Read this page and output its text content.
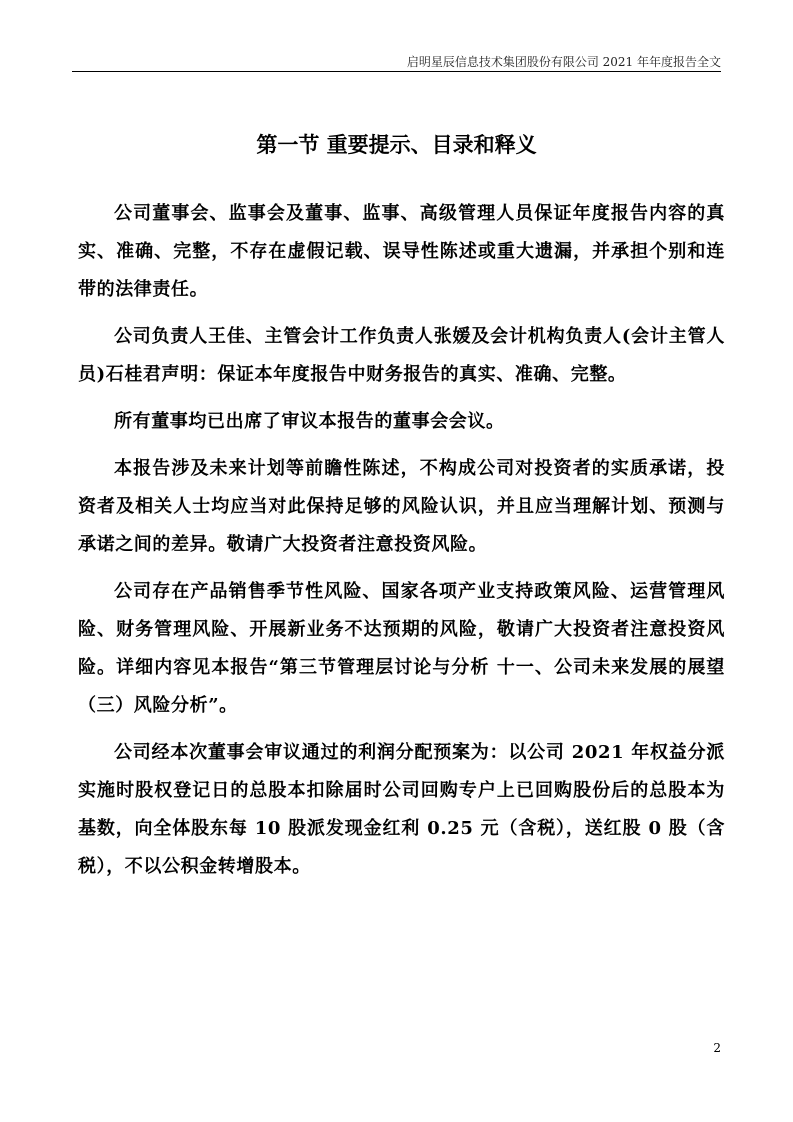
启明星辰信息技术集团股份有限公司 2021 年年度报告全文
第一节 重要提示、目录和释义

公司董事会、监事会及董事、监事、高级管理人员保证年度报告内容的真实、准确、完整，不存在虚假记载、误导性陈述或重大遗漏，并承担个别和连带的法律责任。

公司负责人王佳、主管会计工作负责人张媛及会计机构负责人(会计主管人员)石桂君声明：保证本年度报告中财务报告的真实、准确、完整。

所有董事均已出席了审议本报告的董事会会议。

本报告涉及未来计划等前瞻性陈述，不构成公司对投资者的实质承诺，投资者及相关人士均应当对此保持足够的风险认识，并且应当理解计划、预测与承诺之间的差异。敬请广大投资者注意投资风险。

公司存在产品销售季节性风险、国家各项产业支持政策风险、运营管理风险、财务管理风险、开展新业务不达预期的风险，敬请广大投资者注意投资风险。详细内容见本报告“第三节管理层讨论与分析 十一、公司未来发展的展望（三）风险分析”。

公司经本次董事会审议通过的利润分配预案为：以公司 2021 年权益分派实施时股权登记日的总股本扣除届时公司回购专户上已回购股份后的总股本为基数，向全体股东每 10 股派发现金红利 0.25 元（含税），送红股 0 股（含税），不以公积金转增股本。

2
